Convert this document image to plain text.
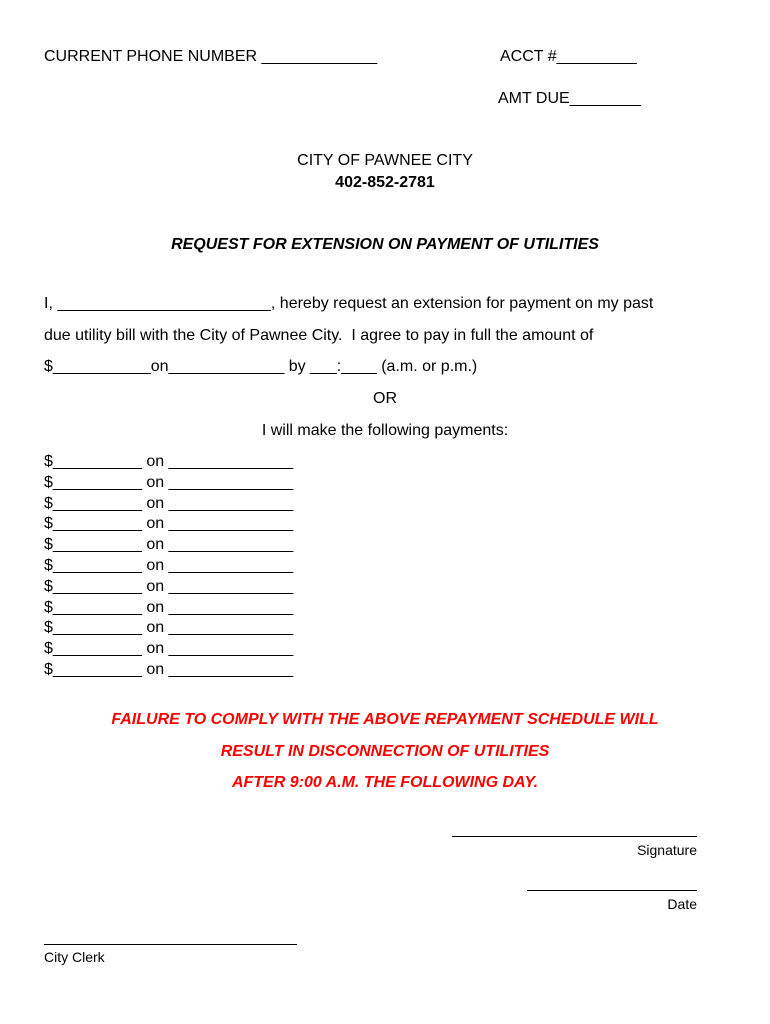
CURRENT PHONE NUMBER _____________	ACCT #_________
AMT DUE________
CITY OF PAWNEE CITY
402-852-2781
REQUEST FOR EXTENSION ON PAYMENT OF UTILITIES
I, ________________________, hereby request an extension for payment on my past
due utility bill with the City of Pawnee City.  I agree to pay in full the amount of
$___________on_____________ by ___:____ (a.m. or p.m.)
OR
I will make the following payments:
$__________ on ______________
$__________ on ______________
$__________ on ______________
$__________ on ______________
$__________ on ______________
$__________ on ______________
$__________ on ______________
$__________ on ______________
$__________ on ______________
$__________ on ______________
$__________ on ______________
FAILURE TO COMPLY WITH THE ABOVE REPAYMENT SCHEDULE WILL
RESULT IN DISCONNECTION OF UTILITIES
AFTER 9:00 A.M. THE FOLLOWING DAY.
Signature
Date
City Clerk
